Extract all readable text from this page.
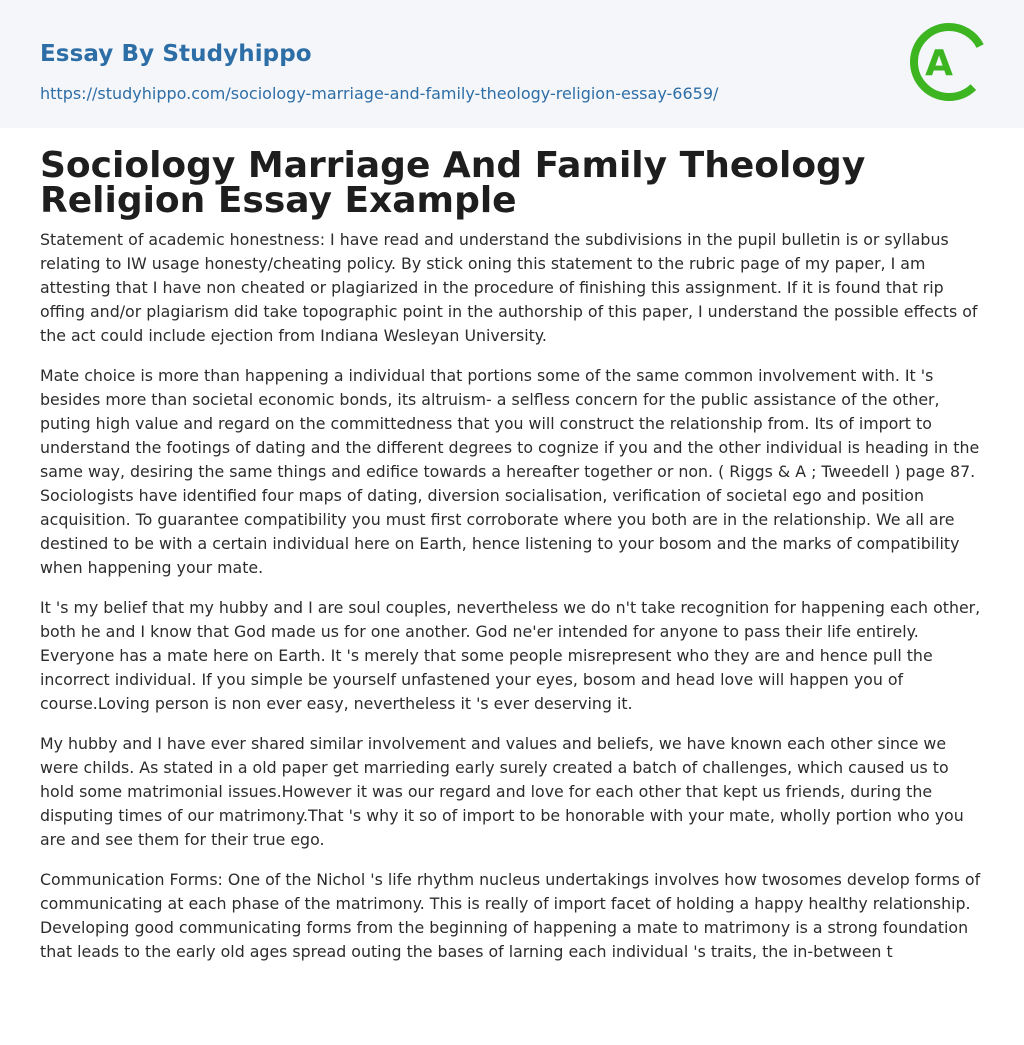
Essay By Studyhippo
https://studyhippo.com/sociology-marriage-and-family-theology-religion-essay-6659/
A
Sociology Marriage And Family Theology Religion Essay Example

Statement of academic honestness: I have read and understand the subdivisions in the pupil bulletin is or syllabus relating to IW usage honesty/cheating policy. By stick oning this statement to the rubric page of my paper, I am attesting that I have non cheated or plagiarized in the procedure of finishing this assignment. If it is found that rip offing and/or plagiarism did take topographic point in the authorship of this paper, I understand the possible effects of the act could include ejection from Indiana Wesleyan University.

Mate choice is more than happening a individual that portions some of the same common involvement with. It 's besides more than societal economic bonds, its altruism- a selfless concern for the public assistance of the other, puting high value and regard on the committedness that you will construct the relationship from. Its of import to understand the footings of dating and the different degrees to cognize if you and the other individual is heading in the same way, desiring the same things and edifice towards a hereafter together or non. ( Riggs & A ; Tweedell ) page 87. Sociologists have identified four maps of dating, diversion socialisation, verification of societal ego and position acquisition. To guarantee compatibility you must first corroborate where you both are in the relationship. We all are destined to be with a certain individual here on Earth, hence listening to your bosom and the marks of compatibility when happening your mate.

It 's my belief that my hubby and I are soul couples, nevertheless we do n't take recognition for happening each other, both he and I know that God made us for one another. God ne'er intended for anyone to pass their life entirely. Everyone has a mate here on Earth. It 's merely that some people misrepresent who they are and hence pull the incorrect individual. If you simple be yourself unfastened your eyes, bosom and head love will happen you of course.Loving person is non ever easy, nevertheless it 's ever deserving it.

My hubby and I have ever shared similar involvement and values and beliefs, we have known each other since we were childs. As stated in a old paper get marrieding early surely created a batch of challenges, which caused us to hold some matrimonial issues.However it was our regard and love for each other that kept us friends, during the disputing times of our matrimony.That 's why it so of import to be honorable with your mate, wholly portion who you are and see them for their true ego.

Communication Forms: One of the Nichol 's life rhythm nucleus undertakings involves how twosomes develop forms of communicating at each phase of the matrimony. This is really of import facet of holding a happy healthy relationship. Developing good communicating forms from the beginning of happening a mate to matrimony is a strong foundation that leads to the early old ages spread outing the bases of larning each individual 's traits, the in-between t
